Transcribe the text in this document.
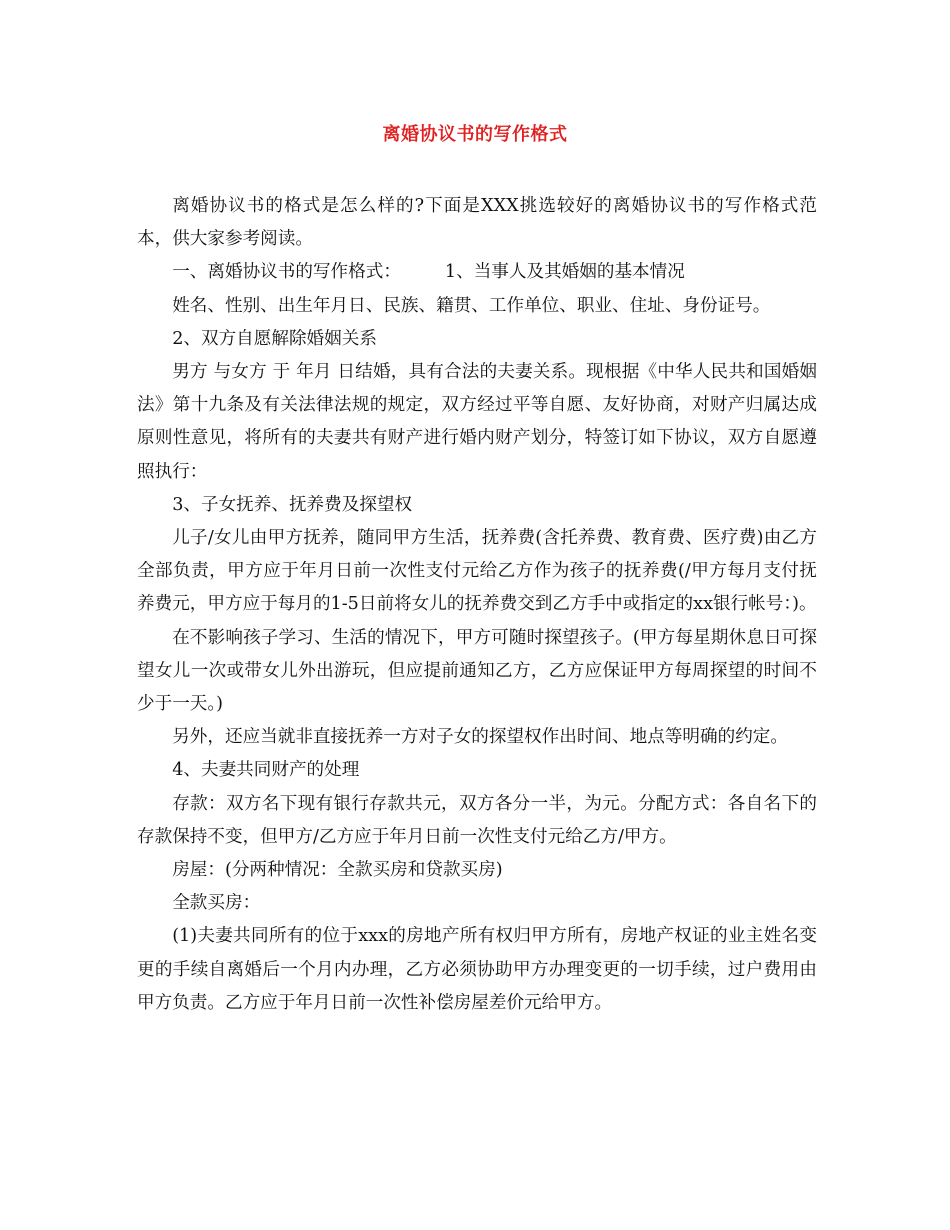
离婚协议书的写作格式

离婚协议书的格式是怎么样的?下面是XXX挑选较好的离婚协议书的写作格式范本，供大家参考阅读。

一、离婚协议书的写作格式：	1、当事人及其婚姻的基本情况

姓名、性别、出生年月日、民族、籍贯、工作单位、职业、住址、身份证号。

2、双方自愿解除婚姻关系

男方 与女方 于 年月 日结婚，具有合法的夫妻关系。现根据《中华人民共和国婚姻法》第十九条及有关法律法规的规定，双方经过平等自愿、友好协商，对财产归属达成原则性意见，将所有的夫妻共有财产进行婚内财产划分，特签订如下协议，双方自愿遵照执行：

3、子女抚养、抚养费及探望权

儿子/女儿由甲方抚养，随同甲方生活，抚养费(含托养费、教育费、医疗费)由乙方全部负责，甲方应于年月日前一次性支付元给乙方作为孩子的抚养费(/甲方每月支付抚养费元，甲方应于每月的1-5日前将女儿的抚养费交到乙方手中或指定的xx银行帐号：)。

在不影响孩子学习、生活的情况下，甲方可随时探望孩子。(甲方每星期休息日可探望女儿一次或带女儿外出游玩，但应提前通知乙方，乙方应保证甲方每周探望的时间不少于一天。)

另外，还应当就非直接抚养一方对子女的探望权作出时间、地点等明确的约定。

4、夫妻共同财产的处理

存款：双方名下现有银行存款共元，双方各分一半，为元。分配方式：各自名下的存款保持不变，但甲方/乙方应于年月日前一次性支付元给乙方/甲方。

房屋：(分两种情况：全款买房和贷款买房)

全款买房：

(1)夫妻共同所有的位于xxx的房地产所有权归甲方所有，房地产权证的业主姓名变更的手续自离婚后一个月内办理，乙方必须协助甲方办理变更的一切手续，过户费用由甲方负责。乙方应于年月日前一次性补偿房屋差价元给甲方。
